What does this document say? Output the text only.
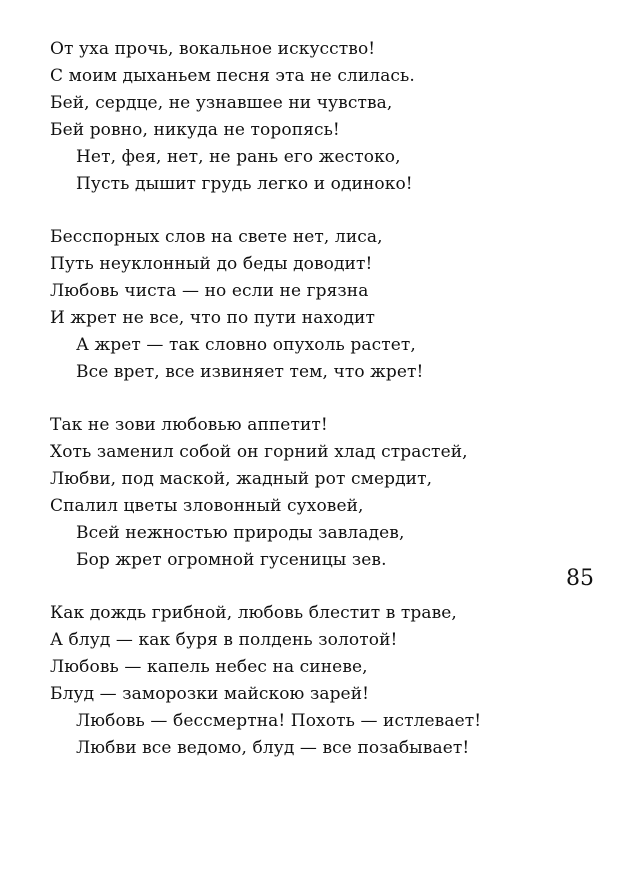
От уха прочь, вокальное искусство!
С моим дыханьем песня эта не слилась.
Бей, сердце, не узнавшее ни чувства,
Бей ровно, никуда не торопясь!
Нет, фея, нет, не рань его жестоко,
Пусть дышит грудь легко и одиноко!
Бесспорных слов на свете нет, лиса,
Путь неуклонный до беды доводит!
Любовь чиста — но если не грязна
И жрет не все, что по пути находит
А жрет — так словно опухоль растет,
Все врет, все извиняет тем, что жрет!
Так не зови любовью аппетит!
Хоть заменил собой он горний хлад страстей,
Любви, под маской, жадный рот смердит,
Спалил цветы зловонный суховей,
Всей нежностью природы завладев,
Бор жрет огромной гусеницы зев.
Как дождь грибной, любовь блестит в траве,
А блуд — как буря в полдень золотой!
Любовь — капель небес на синеве,
Блуд — заморозки майскою зарей!
Любовь — бессмертна! Похоть — истлевает!
Любви все ведомо, блуд — все позабывает!
85
